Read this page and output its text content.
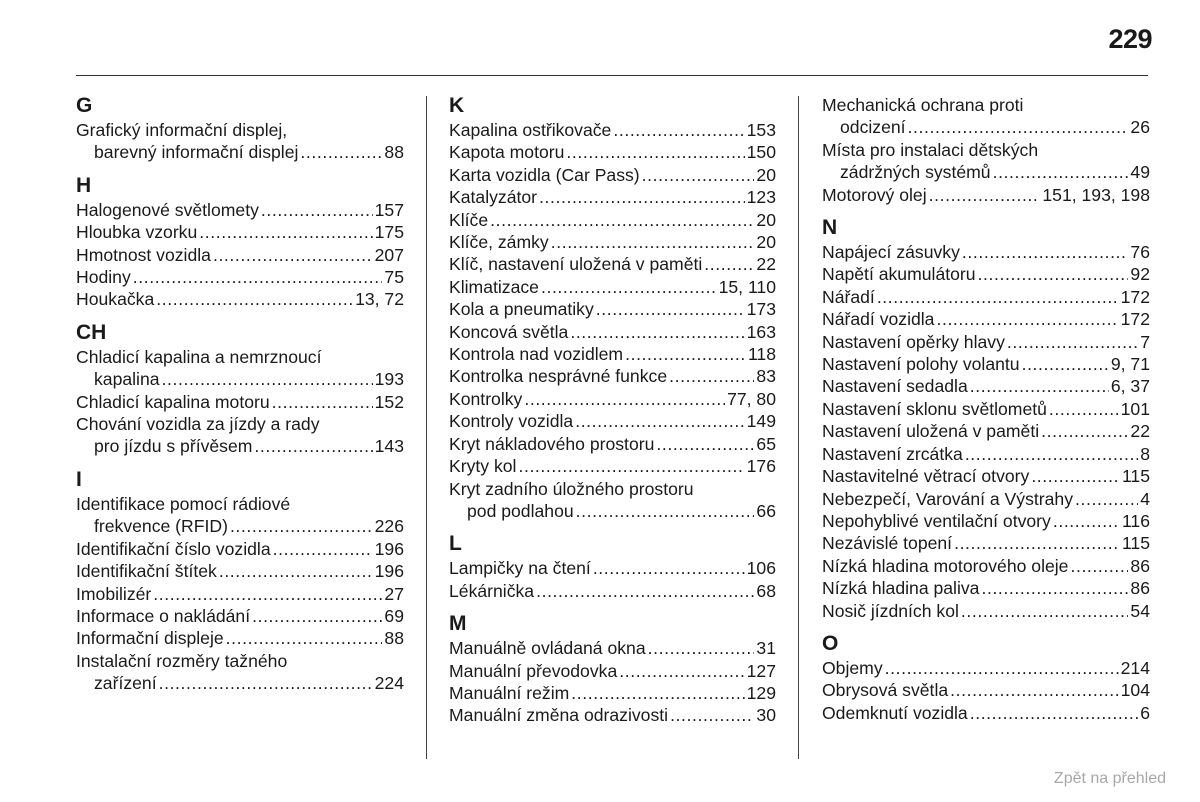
229
G
Grafický informační displej,
barevný informační displej .....	88
H
Halogenové světlomety .....	157
Hloubka vzorku .....	175
Hmotnost vozidla .....	207
Hodiny .....	75
Houkačka .....	13, 72
CH
Chladicí kapalina a nemrznoucí
kapalina .....	193
Chladicí kapalina motoru .....	152
Chování vozidla za jízdy a rady
pro jízdu s přívěsem .....	143
I
Identifikace pomocí rádiové
frekvence (RFID) .....	226
Identifikační číslo vozidla .....	196
Identifikační štítek .....	196
Imobilizér .....	27
Informace o nakládání .....	69
Informační displeje .....	88
Instalační rozměry tažného
zařízení .....	224
K
Kapalina ostřikovače .....	153
Kapota motoru .....	150
Karta vozidla (Car Pass) .....	20
Katalyzátor .....	123
Klíče .....	20
Klíče, zámky .....	20
Klíč, nastavení uložená v paměti .....	22
Klimatizace .....	15, 110
Kola a pneumatiky .....	173
Koncová světla .....	163
Kontrola nad vozidlem .....	118
Kontrolka nesprávné funkce .....	83
Kontrolky .....	77, 80
Kontroly vozidla .....	149
Kryt nákladového prostoru .....	65
Kryty kol .....	176
Kryt zadního úložného prostoru
pod podlahou .....	66
L
Lampičky na čtení .....	106
Lékárnička .....	68
M
Manuálně ovládaná okna .....	31
Manuální převodovka .....	127
Manuální režim .....	129
Manuální změna odrazivosti .....	30
Mechanická ochrana proti
odcizení .....	26
Místa pro instalaci dětských
zádržných systémů .....	49
Motorový olej .....	151, 193, 198
N
Napájecí zásuvky .....	76
Napětí akumulátoru .....	92
Nářadí .....	172
Nářadí vozidla .....	172
Nastavení opěrky hlavy .....	7
Nastavení polohy volantu .....	9, 71
Nastavení sedadla .....	6, 37
Nastavení sklonu světlometů .....	101
Nastavení uložená v paměti .....	22
Nastavení zrcátka .....	8
Nastavitelné větrací otvory .....	115
Nebezpečí, Varování a Výstrahy .....	4
Nepohyblivé ventilační otvory .....	116
Nezávislé topení .....	115
Nízká hladina motorového oleje .....	86
Nízká hladina paliva .....	86
Nosič jízdních kol .....	54
O
Objemy .....	214
Obrysová světla .....	104
Odemknutí vozidla .....	6
Zpět na přehled
